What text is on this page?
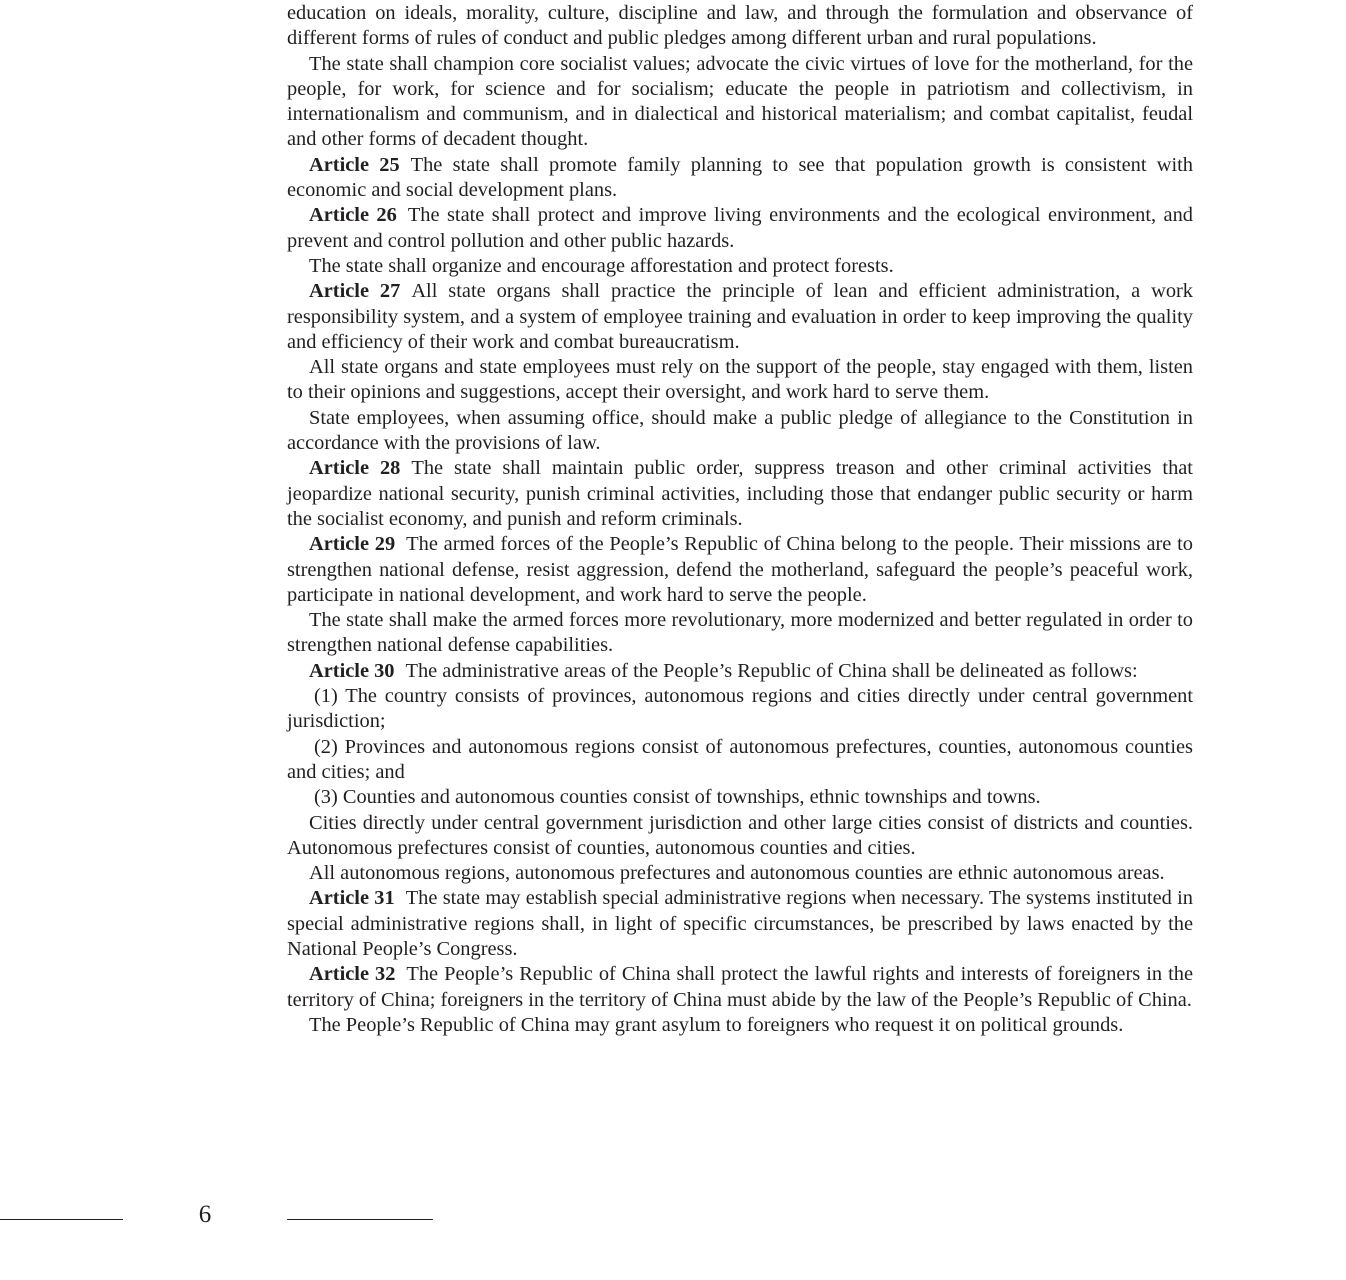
education on ideals, morality, culture, discipline and law, and through the formulation and observance of different forms of rules of conduct and public pledges among different urban and rural populations.

The state shall champion core socialist values; advocate the civic virtues of love for the motherland, for the people, for work, for science and for socialism; educate the people in patriotism and collectivism, in internationalism and communism, and in dialectical and historical materialism; and combat capitalist, feudal and other forms of decadent thought.

Article 25 The state shall promote family planning to see that population growth is consistent with economic and social development plans.

Article 26 The state shall protect and improve living environments and the ecological environment, and prevent and control pollution and other public hazards.

The state shall organize and encourage afforestation and protect forests.

Article 27 All state organs shall practice the principle of lean and efficient administration, a work responsibility system, and a system of employee training and evaluation in order to keep improving the quality and efficiency of their work and combat bureaucratism.

All state organs and state employees must rely on the support of the people, stay engaged with them, listen to their opinions and suggestions, accept their oversight, and work hard to serve them.

State employees, when assuming office, should make a public pledge of allegiance to the Constitution in accordance with the provisions of law.

Article 28 The state shall maintain public order, suppress treason and other criminal activities that jeopardize national security, punish criminal activities, including those that endanger public security or harm the socialist economy, and punish and reform criminals.

Article 29 The armed forces of the People’s Republic of China belong to the people. Their missions are to strengthen national defense, resist aggression, defend the motherland, safeguard the people’s peaceful work, participate in national development, and work hard to serve the people.

The state shall make the armed forces more revolutionary, more modernized and better regulated in order to strengthen national defense capabilities.

Article 30 The administrative areas of the People’s Republic of China shall be delineated as follows:

(1) The country consists of provinces, autonomous regions and cities directly under central government jurisdiction;

(2) Provinces and autonomous regions consist of autonomous prefectures, counties, autonomous counties and cities; and

(3) Counties and autonomous counties consist of townships, ethnic townships and towns.

Cities directly under central government jurisdiction and other large cities consist of districts and counties. Autonomous prefectures consist of counties, autonomous counties and cities.

All autonomous regions, autonomous prefectures and autonomous counties are ethnic autonomous areas.

Article 31 The state may establish special administrative regions when necessary. The systems instituted in special administrative regions shall, in light of specific circumstances, be prescribed by laws enacted by the National People’s Congress.

Article 32 The People’s Republic of China shall protect the lawful rights and interests of foreigners in the territory of China; foreigners in the territory of China must abide by the law of the People’s Republic of China.

The People’s Republic of China may grant asylum to foreigners who request it on political grounds.

6
